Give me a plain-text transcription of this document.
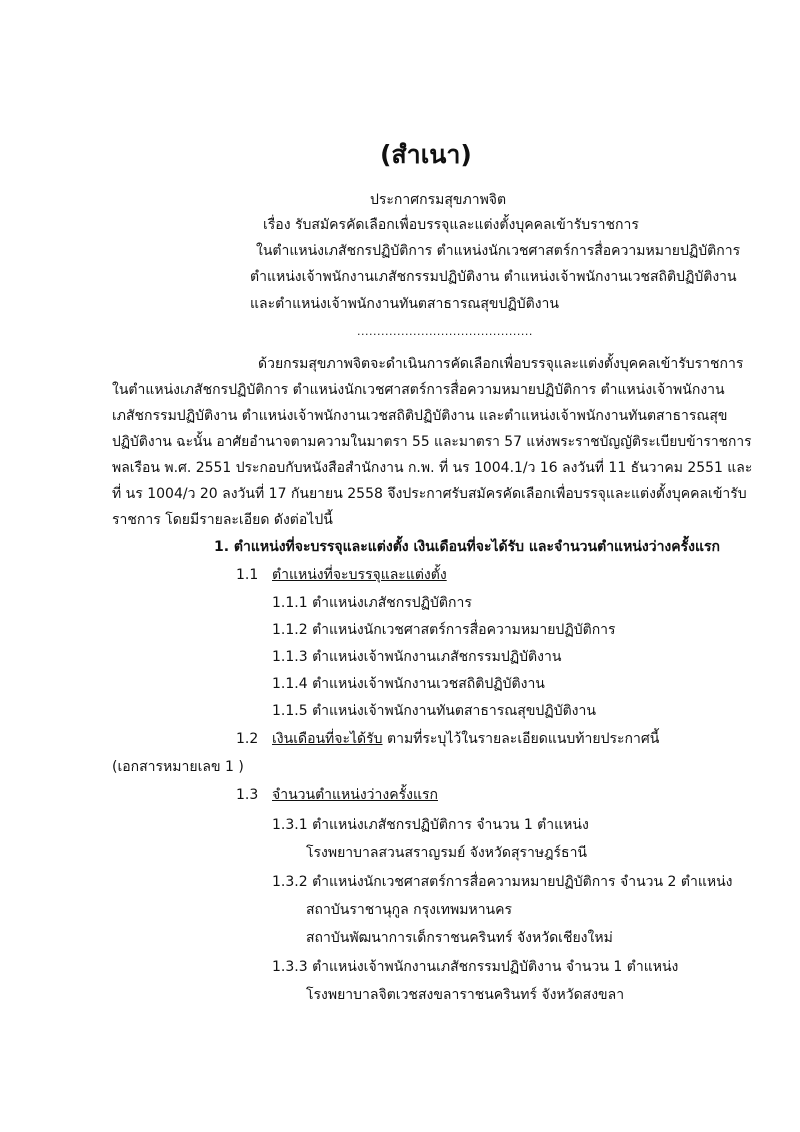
(สำเนา)
ประกาศกรมสุขภาพจิต
เรื่อง รับสมัครคัดเลือกเพื่อบรรจุและแต่งตั้งบุคคลเข้ารับราชการ
ในตำแหน่งเภสัชกรปฏิบัติการ ตำแหน่งนักเวชศาสตร์การสื่อความหมายปฏิบัติการ
ตำแหน่งเจ้าพนักงานเภสัชกรรมปฏิบัติงาน ตำแหน่งเจ้าพนักงานเวชสถิติปฏิบัติงาน
และตำแหน่งเจ้าพนักงานทันตสาธารณสุขปฏิบัติงาน
............................................
ด้วยกรมสุขภาพจิตจะดำเนินการคัดเลือกเพื่อบรรจุและแต่งตั้งบุคคลเข้ารับราชการ
ในตำแหน่งเภสัชกรปฏิบัติการ ตำแหน่งนักเวชศาสตร์การสื่อความหมายปฏิบัติการ ตำแหน่งเจ้าพนักงาน
เภสัชกรรมปฏิบัติงาน ตำแหน่งเจ้าพนักงานเวชสถิติปฏิบัติงาน และตำแหน่งเจ้าพนักงานทันตสาธารณสุข
ปฏิบัติงาน ฉะนั้น อาศัยอำนาจตามความในมาตรา 55 และมาตรา 57 แห่งพระราชบัญญัติระเบียบข้าราชการ
พลเรือน พ.ศ. 2551 ประกอบกับหนังสือสำนักงาน ก.พ. ที่ นร 1004.1/ว 16 ลงวันที่ 11 ธันวาคม 2551 และ
ที่ นร 1004/ว 20 ลงวันที่ 17 กันยายน 2558 จึงประกาศรับสมัครคัดเลือกเพื่อบรรจุและแต่งตั้งบุคคลเข้ารับ
ราชการ โดยมีรายละเอียด ดังต่อไปนี้
1. ตำแหน่งที่จะบรรจุและแต่งตั้ง เงินเดือนที่จะได้รับ และจำนวนตำแหน่งว่างครั้งแรก
1.1 ตำแหน่งที่จะบรรจุและแต่งตั้ง
1.1.1 ตำแหน่งเภสัชกรปฏิบัติการ
1.1.2 ตำแหน่งนักเวชศาสตร์การสื่อความหมายปฏิบัติการ
1.1.3 ตำแหน่งเจ้าพนักงานเภสัชกรรมปฏิบัติงาน
1.1.4 ตำแหน่งเจ้าพนักงานเวชสถิติปฏิบัติงาน
1.1.5 ตำแหน่งเจ้าพนักงานทันตสาธารณสุขปฏิบัติงาน
1.2 เงินเดือนที่จะได้รับ ตามที่ระบุไว้ในรายละเอียดแนบท้ายประกาศนี้
(เอกสารหมายเลข 1 )
1.3 จำนวนตำแหน่งว่างครั้งแรก
1.3.1 ตำแหน่งเภสัชกรปฏิบัติการ จำนวน 1 ตำแหน่ง
โรงพยาบาลสวนสราญรมย์ จังหวัดสุราษฎร์ธานี
1.3.2 ตำแหน่งนักเวชศาสตร์การสื่อความหมายปฏิบัติการ จำนวน 2 ตำแหน่ง
สถาบันราชานุกูล กรุงเทพมหานคร
สถาบันพัฒนาการเด็กราชนครินทร์ จังหวัดเชียงใหม่
1.3.3 ตำแหน่งเจ้าพนักงานเภสัชกรรมปฏิบัติงาน จำนวน 1 ตำแหน่ง
โรงพยาบาลจิตเวชสงขลาราชนครินทร์ จังหวัดสงขลา
